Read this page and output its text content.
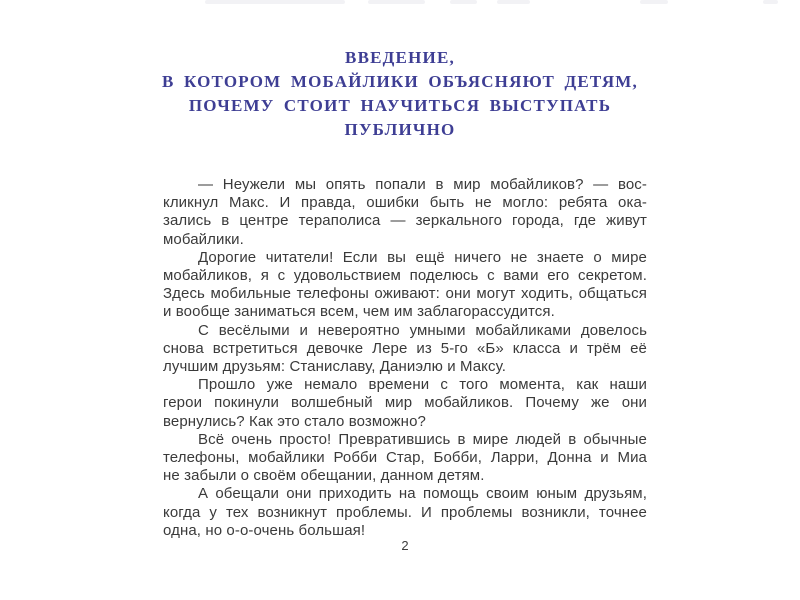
ВВЕДЕНИЕ,
В КОТОРОМ МОБАЙЛИКИ ОБЪЯСНЯЮТ ДЕТЯМ,
ПОЧЕМУ СТОИТ НАУЧИТЬСЯ ВЫСТУПАТЬ
ПУБЛИЧНО
— Неужели мы опять попали в мир мобайликов? — вос-
кликнул Макс. И правда, ошибки быть не могло: ребята ока-
зались в центре тераполиса — зеркального города, где живут
мобайлики.
Дорогие читатели! Если вы ещё ничего не знаете о мире
мобайликов, я с удовольствием поделюсь с вами его секретом.
Здесь мобильные телефоны оживают: они могут ходить, общаться
и вообще заниматься всем, чем им заблагорассудится.
С весёлыми и невероятно умными мобайликами довелось
снова встретиться девочке Лере из 5-го «Б» класса и трём её
лучшим друзьям: Станиславу, Даниэлю и Максу.
Прошло уже немало времени с того момента, как наши
герои покинули волшебный мир мобайликов. Почему же они
вернулись? Как это стало возможно?
Всё очень просто! Превратившись в мире людей в обычные
телефоны, мобайлики Робби Стар, Бобби, Ларри, Донна и Миа
не забыли о своём обещании, данном детям.
А обещали они приходить на помощь своим юным друзьям,
когда у тех возникнут проблемы. И проблемы возникли, точнее
одна, но о-о-очень большая!
2
